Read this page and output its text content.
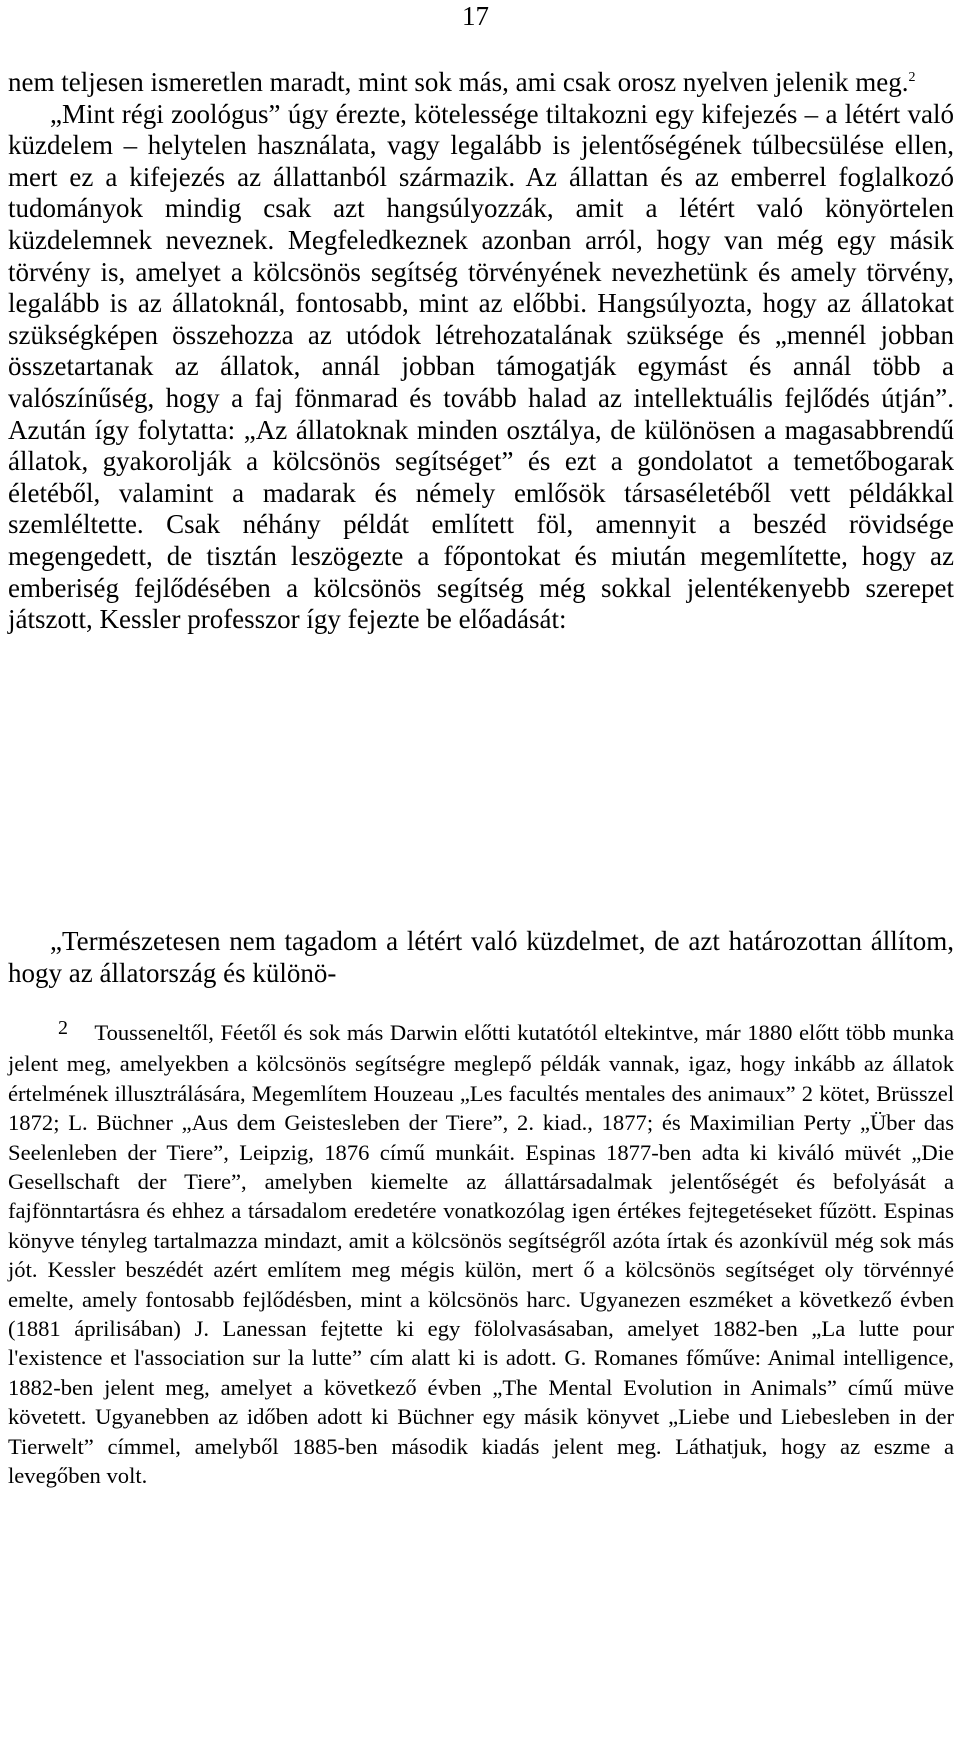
17

nem teljesen ismeretlen maradt, mint sok más, ami csak orosz nyelven jelenik meg.$^2$

„Mint régi zoológus” úgy érezte, kötelessége tiltakozni egy kifejezés – a létért való küzdelem – helytelen használata, vagy legalább is jelentőségének túlbecsülése ellen, mert ez a kifejezés az állattanból származik. Az állattan és az emberrel foglalkozó tudományok mindig csak azt hangsúlyozzák, amit a létért való könyörtelen küzdelemnek neveznek. Megfeledkeznek azonban arról, hogy van még egy másik törvény is, amelyet a kölcsönös segítség törvényének nevezhetünk és amely törvény, legalább is az állatoknál, fontosabb, mint az előbbi. Hangsúlyozta, hogy az állatokat szükségképen összehozza az utódok létrehozatalának szüksége és „mennél jobban összetartanak az állatok, annál jobban támogatják egymást és annál több a valószínűség, hogy a faj fönmarad és tovább halad az intellektuális fejlődés útján”. Azután így folytatta: „Az állatoknak minden osztálya, de különösen a magasabbrendű állatok, gyakorolják a kölcsönös segítséget” és ezt a gondolatot a temetőbogarak életéből, valamint a madarak és némely emlősök társaséletéből vett példákkal szemléltette. Csak néhány példát említett föl, amennyit a beszéd rövidsége megengedett, de tisztán leszögezte a főpontokat és miután megemlítette, hogy az emberiség fejlődésében a kölcsönös segítség még sokkal jelentékenyebb szerepet játszott, Kessler professzor így fejezte be előadását:

„Természetesen nem tagadom a létért való küzdelmet, de azt határozottan állítom, hogy az állatország és különö-

2 Tousseneltől, Féetől és sok más Darwin előtti kutatótól eltekintve, már 1880 előtt több munka jelent meg, amelyekben a kölcsönös segítségre meglepő példák vannak, igaz, hogy inkább az állatok értelmének illusztrálására, Megemlítem Houzeau „Les facultés mentales des animaux” 2 kötet, Brüsszel 1872; L. Büchner „Aus dem Geistesleben der Tiere”, 2. kiad., 1877; és Maximilian Perty „Über das Seelenleben der Tiere”, Leipzig, 1876 című munkáit. Espinas 1877-ben adta ki kiváló müvét „Die Gesellschaft der Tiere”, amelyben kiemelte az állattársadalmak jelentőségét és befolyását a fajfönntartásra és ehhez a társadalom eredetére vonatkozólag igen értékes fejtegetéseket fűzött. Espinas könyve tényleg tartalmazza mindazt, amit a kölcsönös segítségről azóta írtak és azonkívül még sok más jót. Kessler beszédét azért említem meg mégis külön, mert ő a kölcsönös segítséget oly törvénnyé emelte, amely fontosabb fejlődésben, mint a kölcsönös harc. Ugyanezen eszméket a következő évben (1881 áprilisában) J. Lanessan fejtette ki egy fölolvasásaban, amelyet 1882-ben „La lutte pour l'existence et l'association sur la lutte” cím alatt ki is adott. G. Romanes főműve: Animal intelligence, 1882-ben jelent meg, amelyet a következő évben „The Mental Evolution in Animals” című müve követett. Ugyanebben az időben adott ki Büchner egy másik könyvet „Liebe und Liebesleben in der Tierwelt” címmel, amelyből 1885-ben második kiadás jelent meg. Láthatjuk, hogy az eszme a levegőben volt.
